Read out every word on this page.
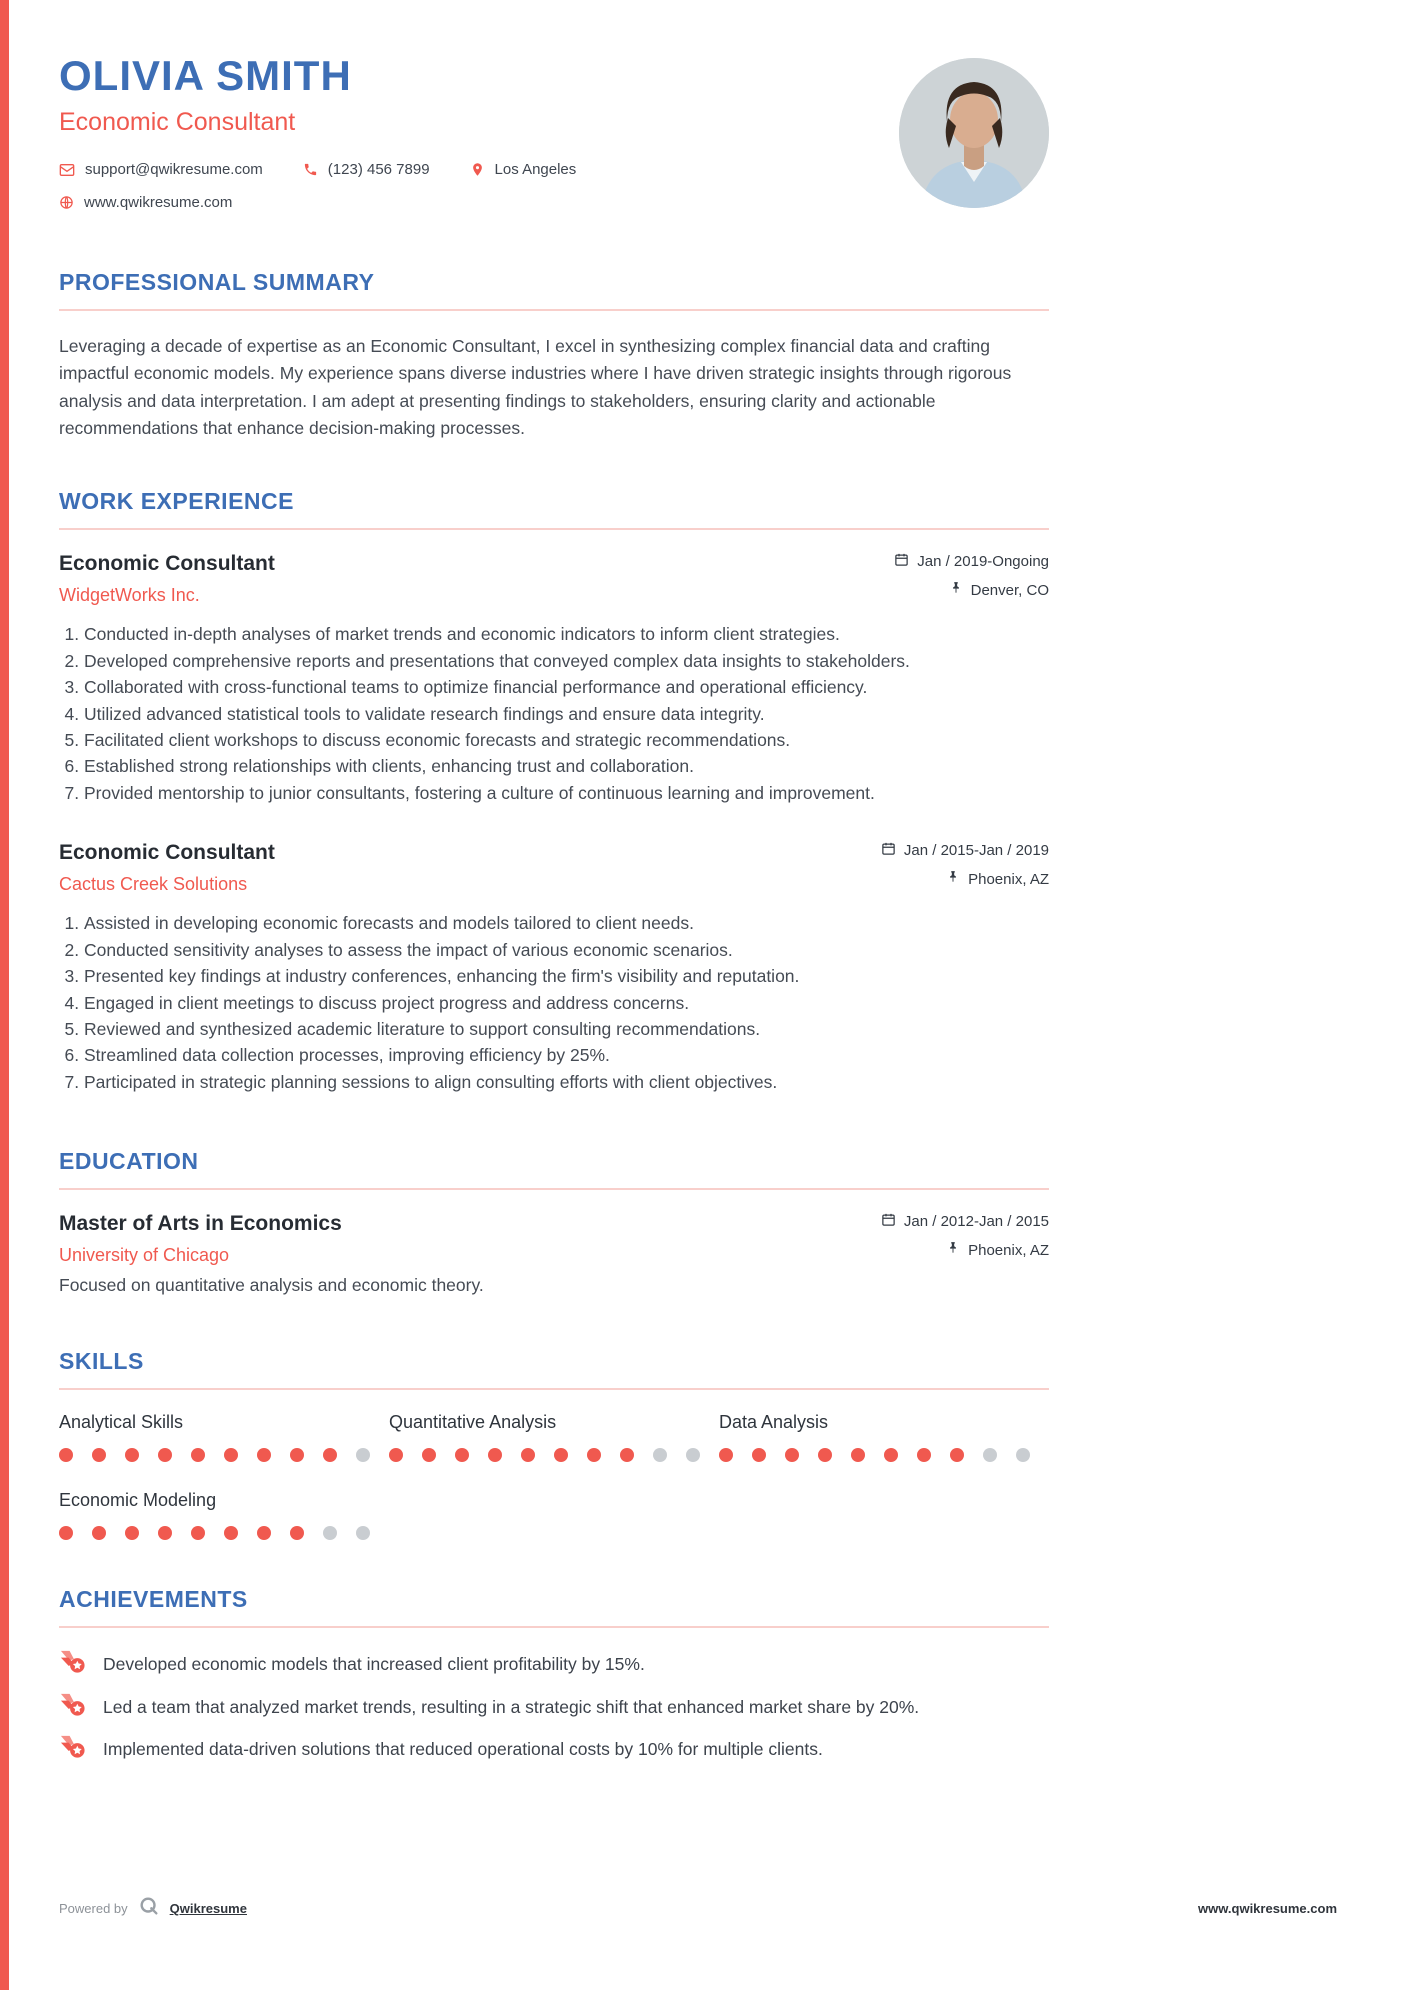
OLIVIA SMITH
Economic Consultant
support@qwikresume.com	(123) 456 7899	Los Angeles
www.qwikresume.com
PROFESSIONAL SUMMARY

Leveraging a decade of expertise as an Economic Consultant, I excel in synthesizing complex financial data and crafting impactful economic models. My experience spans diverse industries where I have driven strategic insights through rigorous analysis and data interpretation. I am adept at presenting findings to stakeholders, ensuring clarity and actionable recommendations that enhance decision-making processes.

WORK EXPERIENCE
Economic Consultant
WidgetWorks Inc.
Jan / 2019-Ongoing
Denver, CO
1. Conducted in-depth analyses of market trends and economic indicators to inform client strategies.
2. Developed comprehensive reports and presentations that conveyed complex data insights to stakeholders.
3. Collaborated with cross-functional teams to optimize financial performance and operational efficiency.
4. Utilized advanced statistical tools to validate research findings and ensure data integrity.
5. Facilitated client workshops to discuss economic forecasts and strategic recommendations.
6. Established strong relationships with clients, enhancing trust and collaboration.
7. Provided mentorship to junior consultants, fostering a culture of continuous learning and improvement.
Economic Consultant
Cactus Creek Solutions
Jan / 2015-Jan / 2019
Phoenix, AZ
1. Assisted in developing economic forecasts and models tailored to client needs.
2. Conducted sensitivity analyses to assess the impact of various economic scenarios.
3. Presented key findings at industry conferences, enhancing the firm's visibility and reputation.
4. Engaged in client meetings to discuss project progress and address concerns.
5. Reviewed and synthesized academic literature to support consulting recommendations.
6. Streamlined data collection processes, improving efficiency by 25%.
7. Participated in strategic planning sessions to align consulting efforts with client objectives.
EDUCATION
Master of Arts in Economics
University of Chicago
Jan / 2012-Jan / 2015
Phoenix, AZ
Focused on quantitative analysis and economic theory.
SKILLS
Analytical Skills	Quantitative Analysis	Data Analysis
Economic Modeling
ACHIEVEMENTS
Developed economic models that increased client profitability by 15%.
Led a team that analyzed market trends, resulting in a strategic shift that enhanced market share by 20%.
Implemented data-driven solutions that reduced operational costs by 10% for multiple clients.
Powered by	Qwikresume	www.qwikresume.com
